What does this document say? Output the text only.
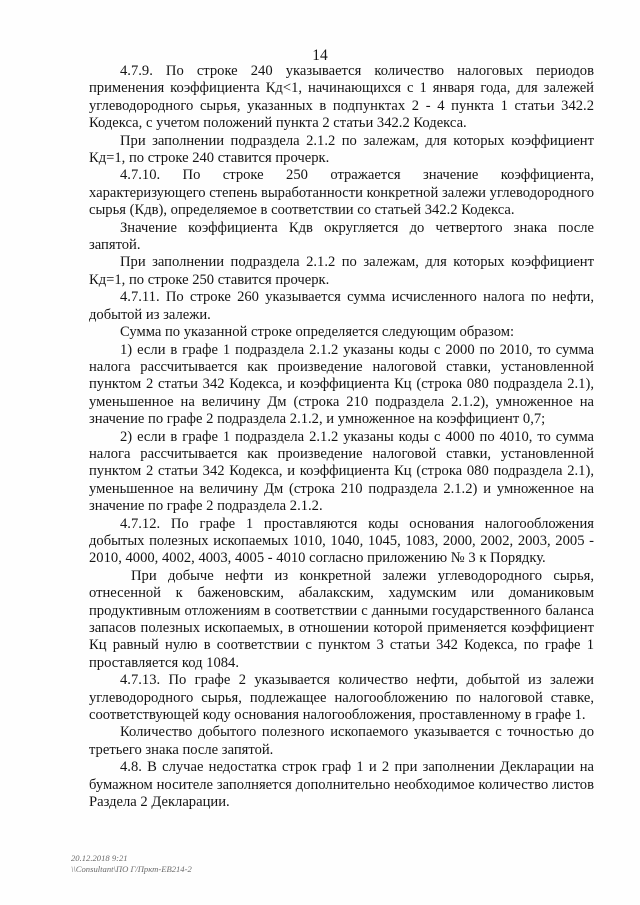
14

4.7.9. По строке 240 указывается количество налоговых периодов применения коэффициента Кд<1, начинающихся с 1 января года, для залежей углеводородного сырья, указанных в подпунктах 2 - 4 пункта 1 статьи 342.2 Кодекса, с учетом положений пункта 2 статьи 342.2 Кодекса.

При заполнении подраздела 2.1.2 по залежам, для которых коэффициент Кд=1, по строке 240 ставится прочерк.

4.7.10. По строке 250 отражается значение коэффициента, характеризующего степень выработанности конкретной залежи углеводородного сырья (Кдв), определяемое в соответствии со статьей 342.2 Кодекса.

Значение коэффициента Кдв округляется до четвертого знака после запятой.

При заполнении подраздела 2.1.2 по залежам, для которых коэффициент Кд=1, по строке 250 ставится прочерк.

4.7.11. По строке 260 указывается сумма исчисленного налога по нефти, добытой из залежи.

Сумма по указанной строке определяется следующим образом:

1) если в графе 1 подраздела 2.1.2 указаны коды с 2000 по 2010, то сумма налога рассчитывается как произведение налоговой ставки, установленной пунктом 2 статьи 342 Кодекса, и коэффициента Кц (строка 080 подраздела 2.1), уменьшенное на величину Дм (строка 210 подраздела 2.1.2), умноженное на значение по графе 2 подраздела 2.1.2, и умноженное на коэффициент 0,7;

2) если в графе 1 подраздела 2.1.2 указаны коды с 4000 по 4010, то сумма налога рассчитывается как произведение налоговой ставки, установленной пунктом 2 статьи 342 Кодекса, и коэффициента Кц (строка 080 подраздела 2.1), уменьшенное на величину Дм (строка 210 подраздела 2.1.2) и умноженное на значение по графе 2 подраздела 2.1.2.

4.7.12. По графе 1 проставляются коды основания налогообложения добытых полезных ископаемых 1010, 1040, 1045, 1083, 2000, 2002, 2003, 2005 - 2010, 4000, 4002, 4003, 4005 - 4010 согласно приложению № 3 к Порядку.

При добыче нефти из конкретной залежи углеводородного сырья, отнесенной к баженовским, абалакским, хадумским или доманиковым продуктивным отложениям в соответствии с данными государственного баланса запасов полезных ископаемых, в отношении которой применяется коэффициент Кц равный нулю в соответствии с пунктом 3 статьи 342 Кодекса, по графе 1 проставляется код 1084.

4.7.13. По графе 2 указывается количество нефти, добытой из залежи углеводородного сырья, подлежащее налогообложению по налоговой ставке, соответствующей коду основания налогообложения, проставленному в графе 1.

Количество добытого полезного ископаемого указывается с точностью до третьего знака после запятой.

4.8. В случае недостатка строк граф 1 и 2 при заполнении Декларации на бумажном носителе заполняется дополнительно необходимое количество листов Раздела 2 Декларации.

20.12.2018 9:21
\\Consultant\ПО Г/Пркт-ЕВ214-2
